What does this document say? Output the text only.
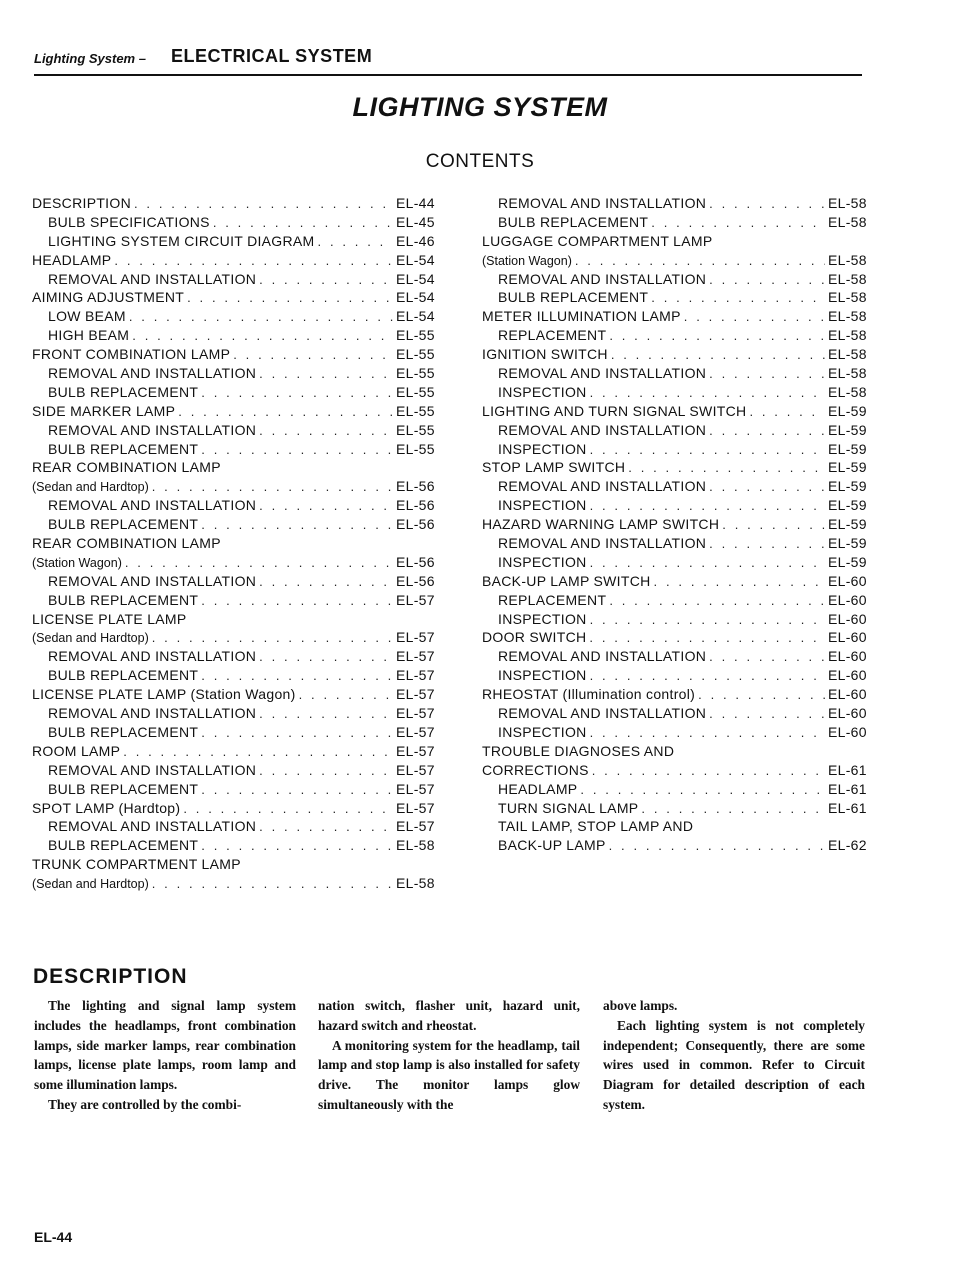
Lighting System – ELECTRICAL SYSTEM
LIGHTING SYSTEM
CONTENTS
DESCRIPTION . . .	EL-44
BULB SPECIFICATIONS . . .	EL-45
LIGHTING SYSTEM CIRCUIT DIAGRAM . . .	EL-46
HEADLAMP . . .	EL-54
REMOVAL AND INSTALLATION . . .	EL-54
AIMING ADJUSTMENT . . .	EL-54
LOW BEAM . . .	EL-54
HIGH BEAM . . .	EL-55
FRONT COMBINATION LAMP . . .	EL-55
REMOVAL AND INSTALLATION . . .	EL-55
BULB REPLACEMENT . . .	EL-55
SIDE MARKER LAMP . . .	EL-55
REMOVAL AND INSTALLATION . . .	EL-55
BULB REPLACEMENT . . .	EL-55
REAR COMBINATION LAMP
(Sedan and Hardtop) . . .	EL-56
REMOVAL AND INSTALLATION . . .	EL-56
BULB REPLACEMENT . . .	EL-56
REAR COMBINATION LAMP
(Station Wagon) . . .	EL-56
REMOVAL AND INSTALLATION . . .	EL-56
BULB REPLACEMENT . . .	EL-57
LICENSE PLATE LAMP
(Sedan and Hardtop) . . .	EL-57
REMOVAL AND INSTALLATION . . .	EL-57
BULB REPLACEMENT . . .	EL-57
LICENSE PLATE LAMP (Station Wagon) . . .	EL-57
REMOVAL AND INSTALLATION . . .	EL-57
BULB REPLACEMENT . . .	EL-57
ROOM LAMP . . .	EL-57
REMOVAL AND INSTALLATION . . .	EL-57
BULB REPLACEMENT . . .	EL-57
SPOT LAMP (Hardtop) . . .	EL-57
REMOVAL AND INSTALLATION . . .	EL-57
BULB REPLACEMENT . . .	EL-58
TRUNK COMPARTMENT LAMP
(Sedan and Hardtop) . . .	EL-58
REMOVAL AND INSTALLATION . . .	EL-58
BULB REPLACEMENT . . .	EL-58
LUGGAGE COMPARTMENT LAMP
(Station Wagon) . . .	EL-58
REMOVAL AND INSTALLATION . . .	EL-58
BULB REPLACEMENT . . .	EL-58
METER ILLUMINATION LAMP . . .	EL-58
REPLACEMENT . . .	EL-58
IGNITION SWITCH . . .	EL-58
REMOVAL AND INSTALLATION . . .	EL-58
INSPECTION . . .	EL-58
LIGHTING AND TURN SIGNAL SWITCH . . .	EL-59
REMOVAL AND INSTALLATION . . .	EL-59
INSPECTION . . .	EL-59
STOP LAMP SWITCH . . .	EL-59
REMOVAL AND INSTALLATION . . .	EL-59
INSPECTION . . .	EL-59
HAZARD WARNING LAMP SWITCH . . .	EL-59
REMOVAL AND INSTALLATION . . .	EL-59
INSPECTION . . .	EL-59
BACK-UP LAMP SWITCH . . .	EL-60
REPLACEMENT . . .	EL-60
INSPECTION . . .	EL-60
DOOR SWITCH . . .	EL-60
REMOVAL AND INSTALLATION . . .	EL-60
INSPECTION . . .	EL-60
RHEOSTAT (Illumination control) . . .	EL-60
REMOVAL AND INSTALLATION . . .	EL-60
INSPECTION . . .	EL-60
TROUBLE DIAGNOSES AND
CORRECTIONS . . .	EL-61
HEADLAMP . . .	EL-61
TURN SIGNAL LAMP . . .	EL-61
TAIL LAMP, STOP LAMP AND
BACK-UP LAMP . . .	EL-62
DESCRIPTION

The lighting and signal lamp system includes the headlamps, front combination lamps, side marker lamps, rear combination lamps, license plate lamps, room lamp and some illumination lamps.

They are controlled by the combi-

nation switch, flasher unit, hazard unit, hazard switch and rheostat.

A monitoring system for the headlamp, tail lamp and stop lamp is also installed for safety drive. The monitor lamps glow simultaneously with the

above lamps.

Each lighting system is not completely independent; Consequently, there are some wires used in common. Refer to Circuit Diagram for detailed description of each system.

EL-44
